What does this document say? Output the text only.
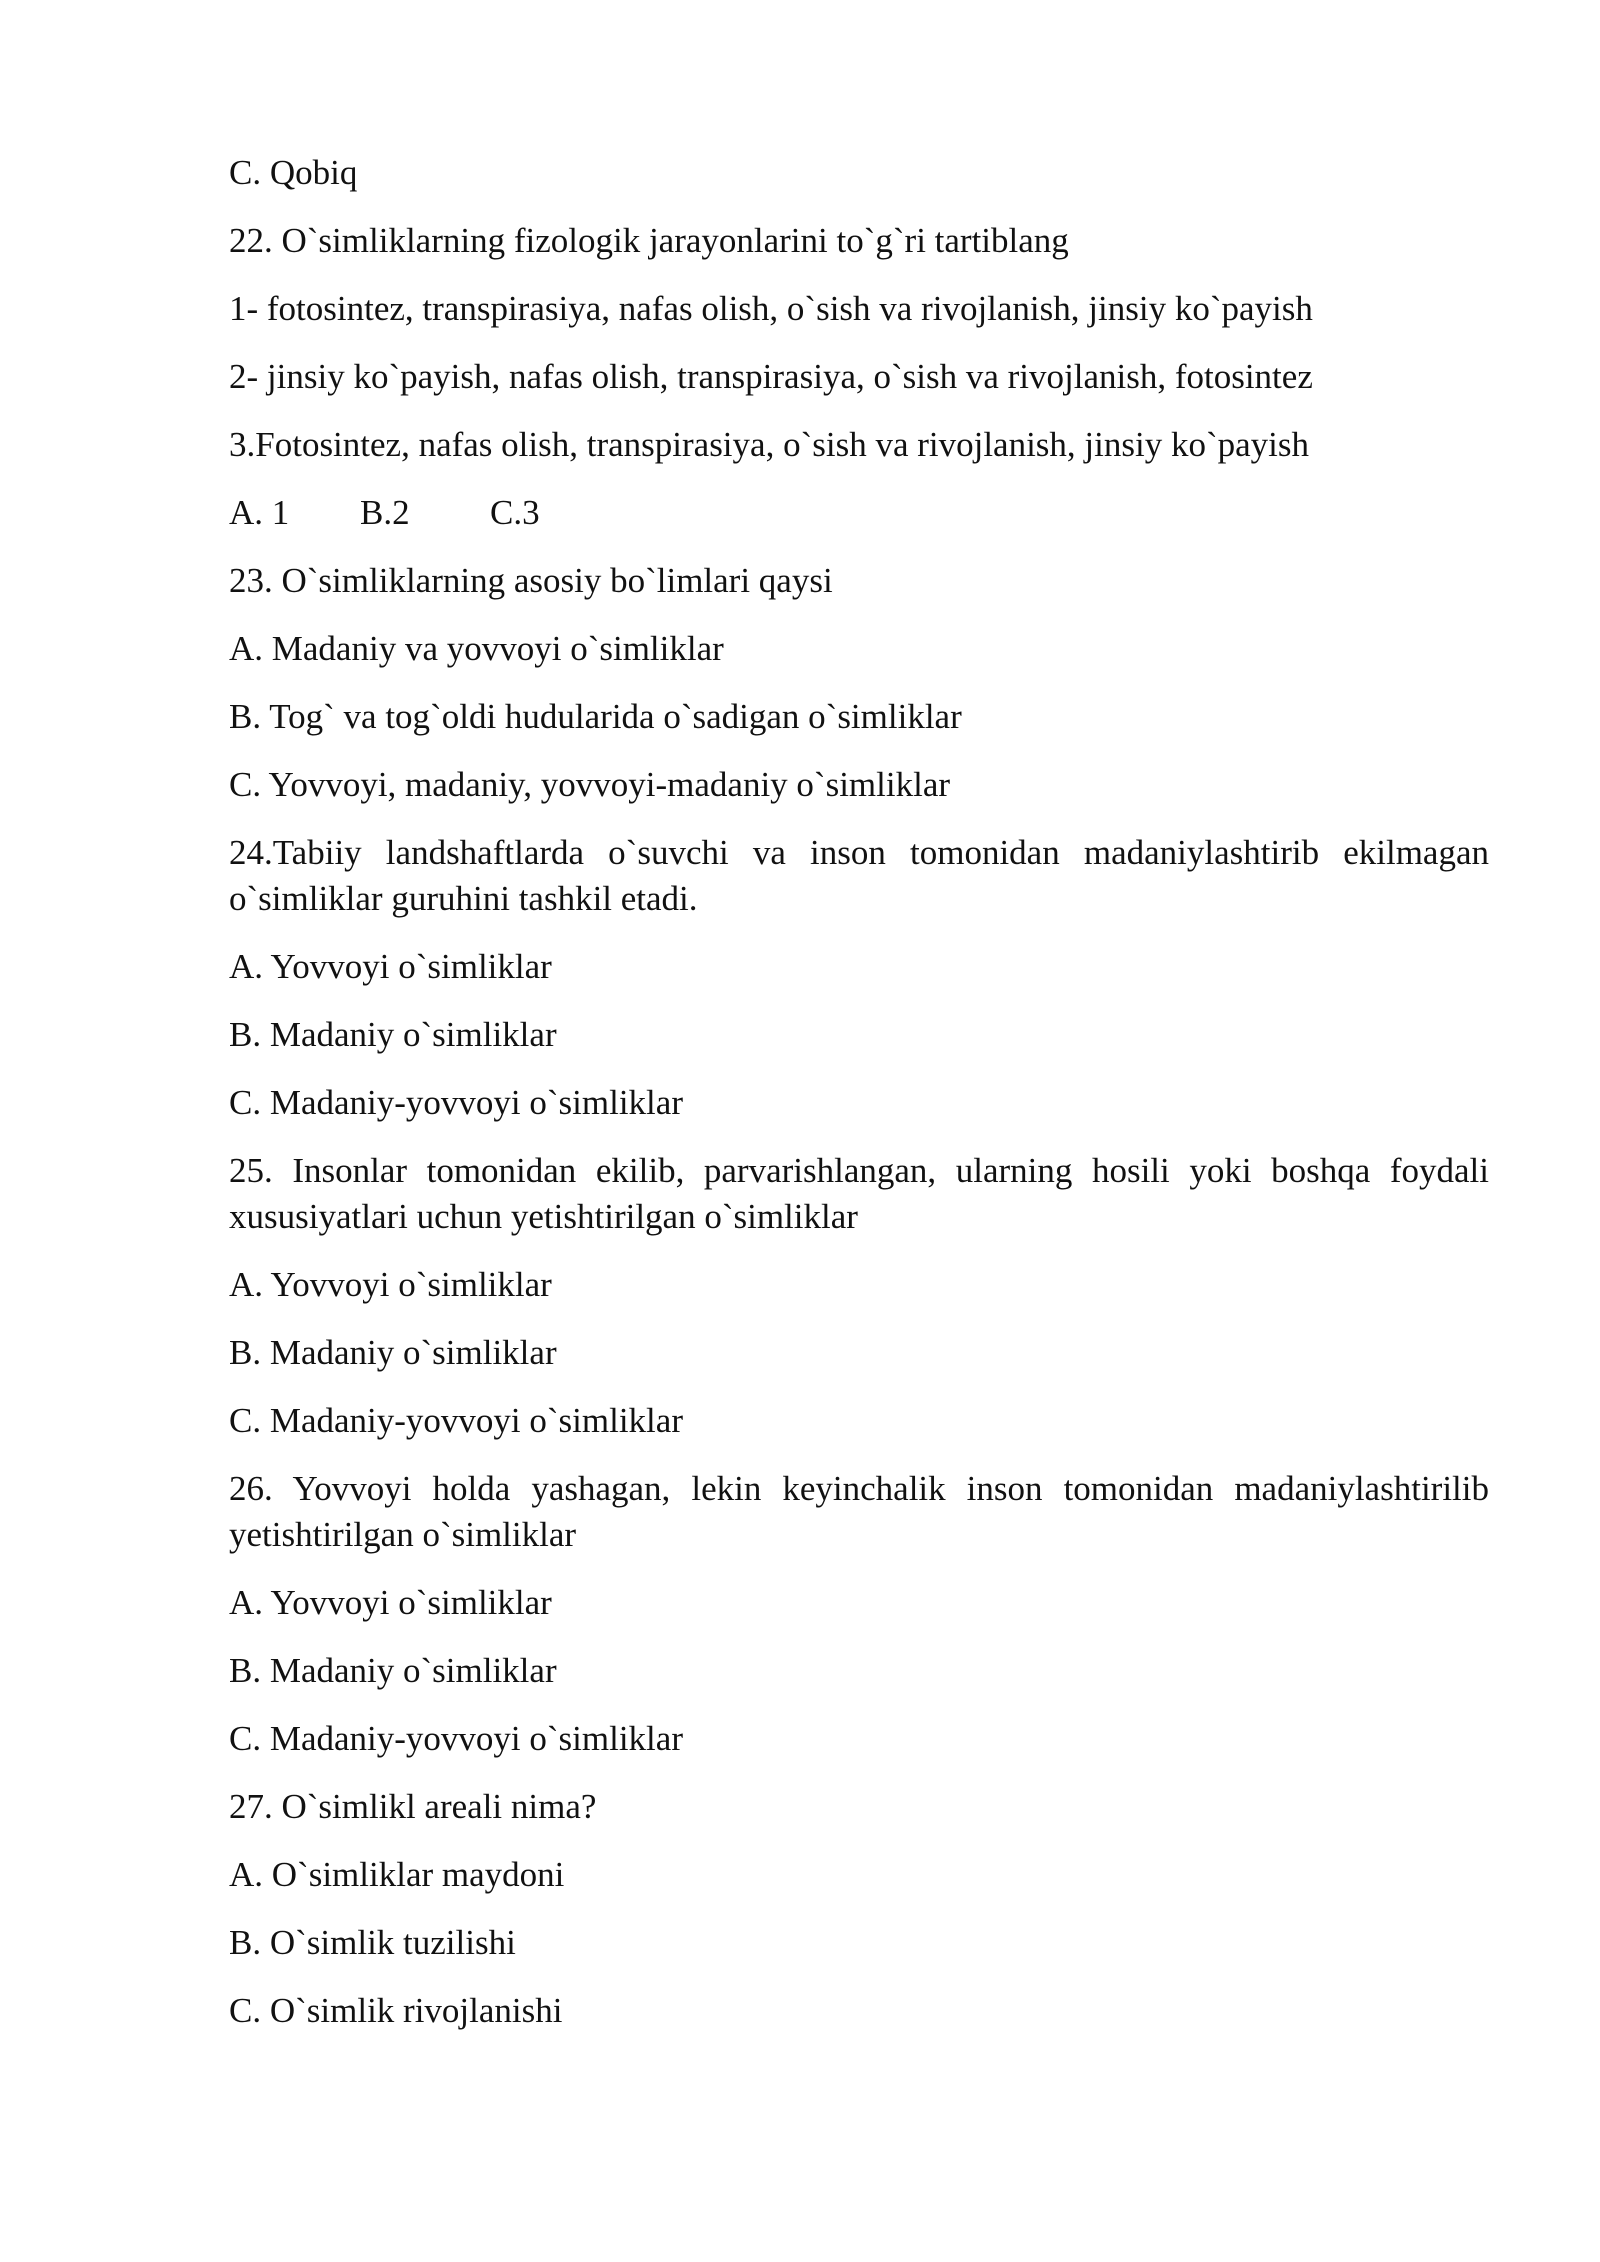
C. Qobiq
22. O`simliklarning fizologik jarayonlarini to`g`ri tartiblang
1- fotosintez, transpirasiya, nafas olish, o`sish va rivojlanish, jinsiy ko`payish
2- jinsiy ko`payish, nafas olish, transpirasiya, o`sish va rivojlanish, fotosintez
3.Fotosintez, nafas olish, transpirasiya, o`sish va rivojlanish, jinsiy ko`payish
A. 1 B.2 C.3
23. O`simliklarning asosiy bo`limlari qaysi
A. Madaniy va yovvoyi o`simliklar
B. Tog` va tog`oldi hudularida o`sadigan o`simliklar
C. Yovvoyi, madaniy, yovvoyi-madaniy o`simliklar
24.Tabiiy landshaftlarda o`suvchi va inson tomonidan madaniylashtirib ekilmagan o`simliklar guruhini tashkil etadi.
A. Yovvoyi o`simliklar
B. Madaniy o`simliklar
C. Madaniy-yovvoyi o`simliklar
25. Insonlar tomonidan ekilib, parvarishlangan, ularning hosili yoki boshqa foydali xususiyatlari uchun yetishtirilgan o`simliklar
A. Yovvoyi o`simliklar
B. Madaniy o`simliklar
C. Madaniy-yovvoyi o`simliklar
26. Yovvoyi holda yashagan, lekin keyinchalik inson tomonidan madaniylashtirilib yetishtirilgan o`simliklar
A. Yovvoyi o`simliklar
B. Madaniy o`simliklar
C. Madaniy-yovvoyi o`simliklar
27. O`simlikl areali nima?
A. O`simliklar maydoni
B. O`simlik tuzilishi
C. O`simlik rivojlanishi
